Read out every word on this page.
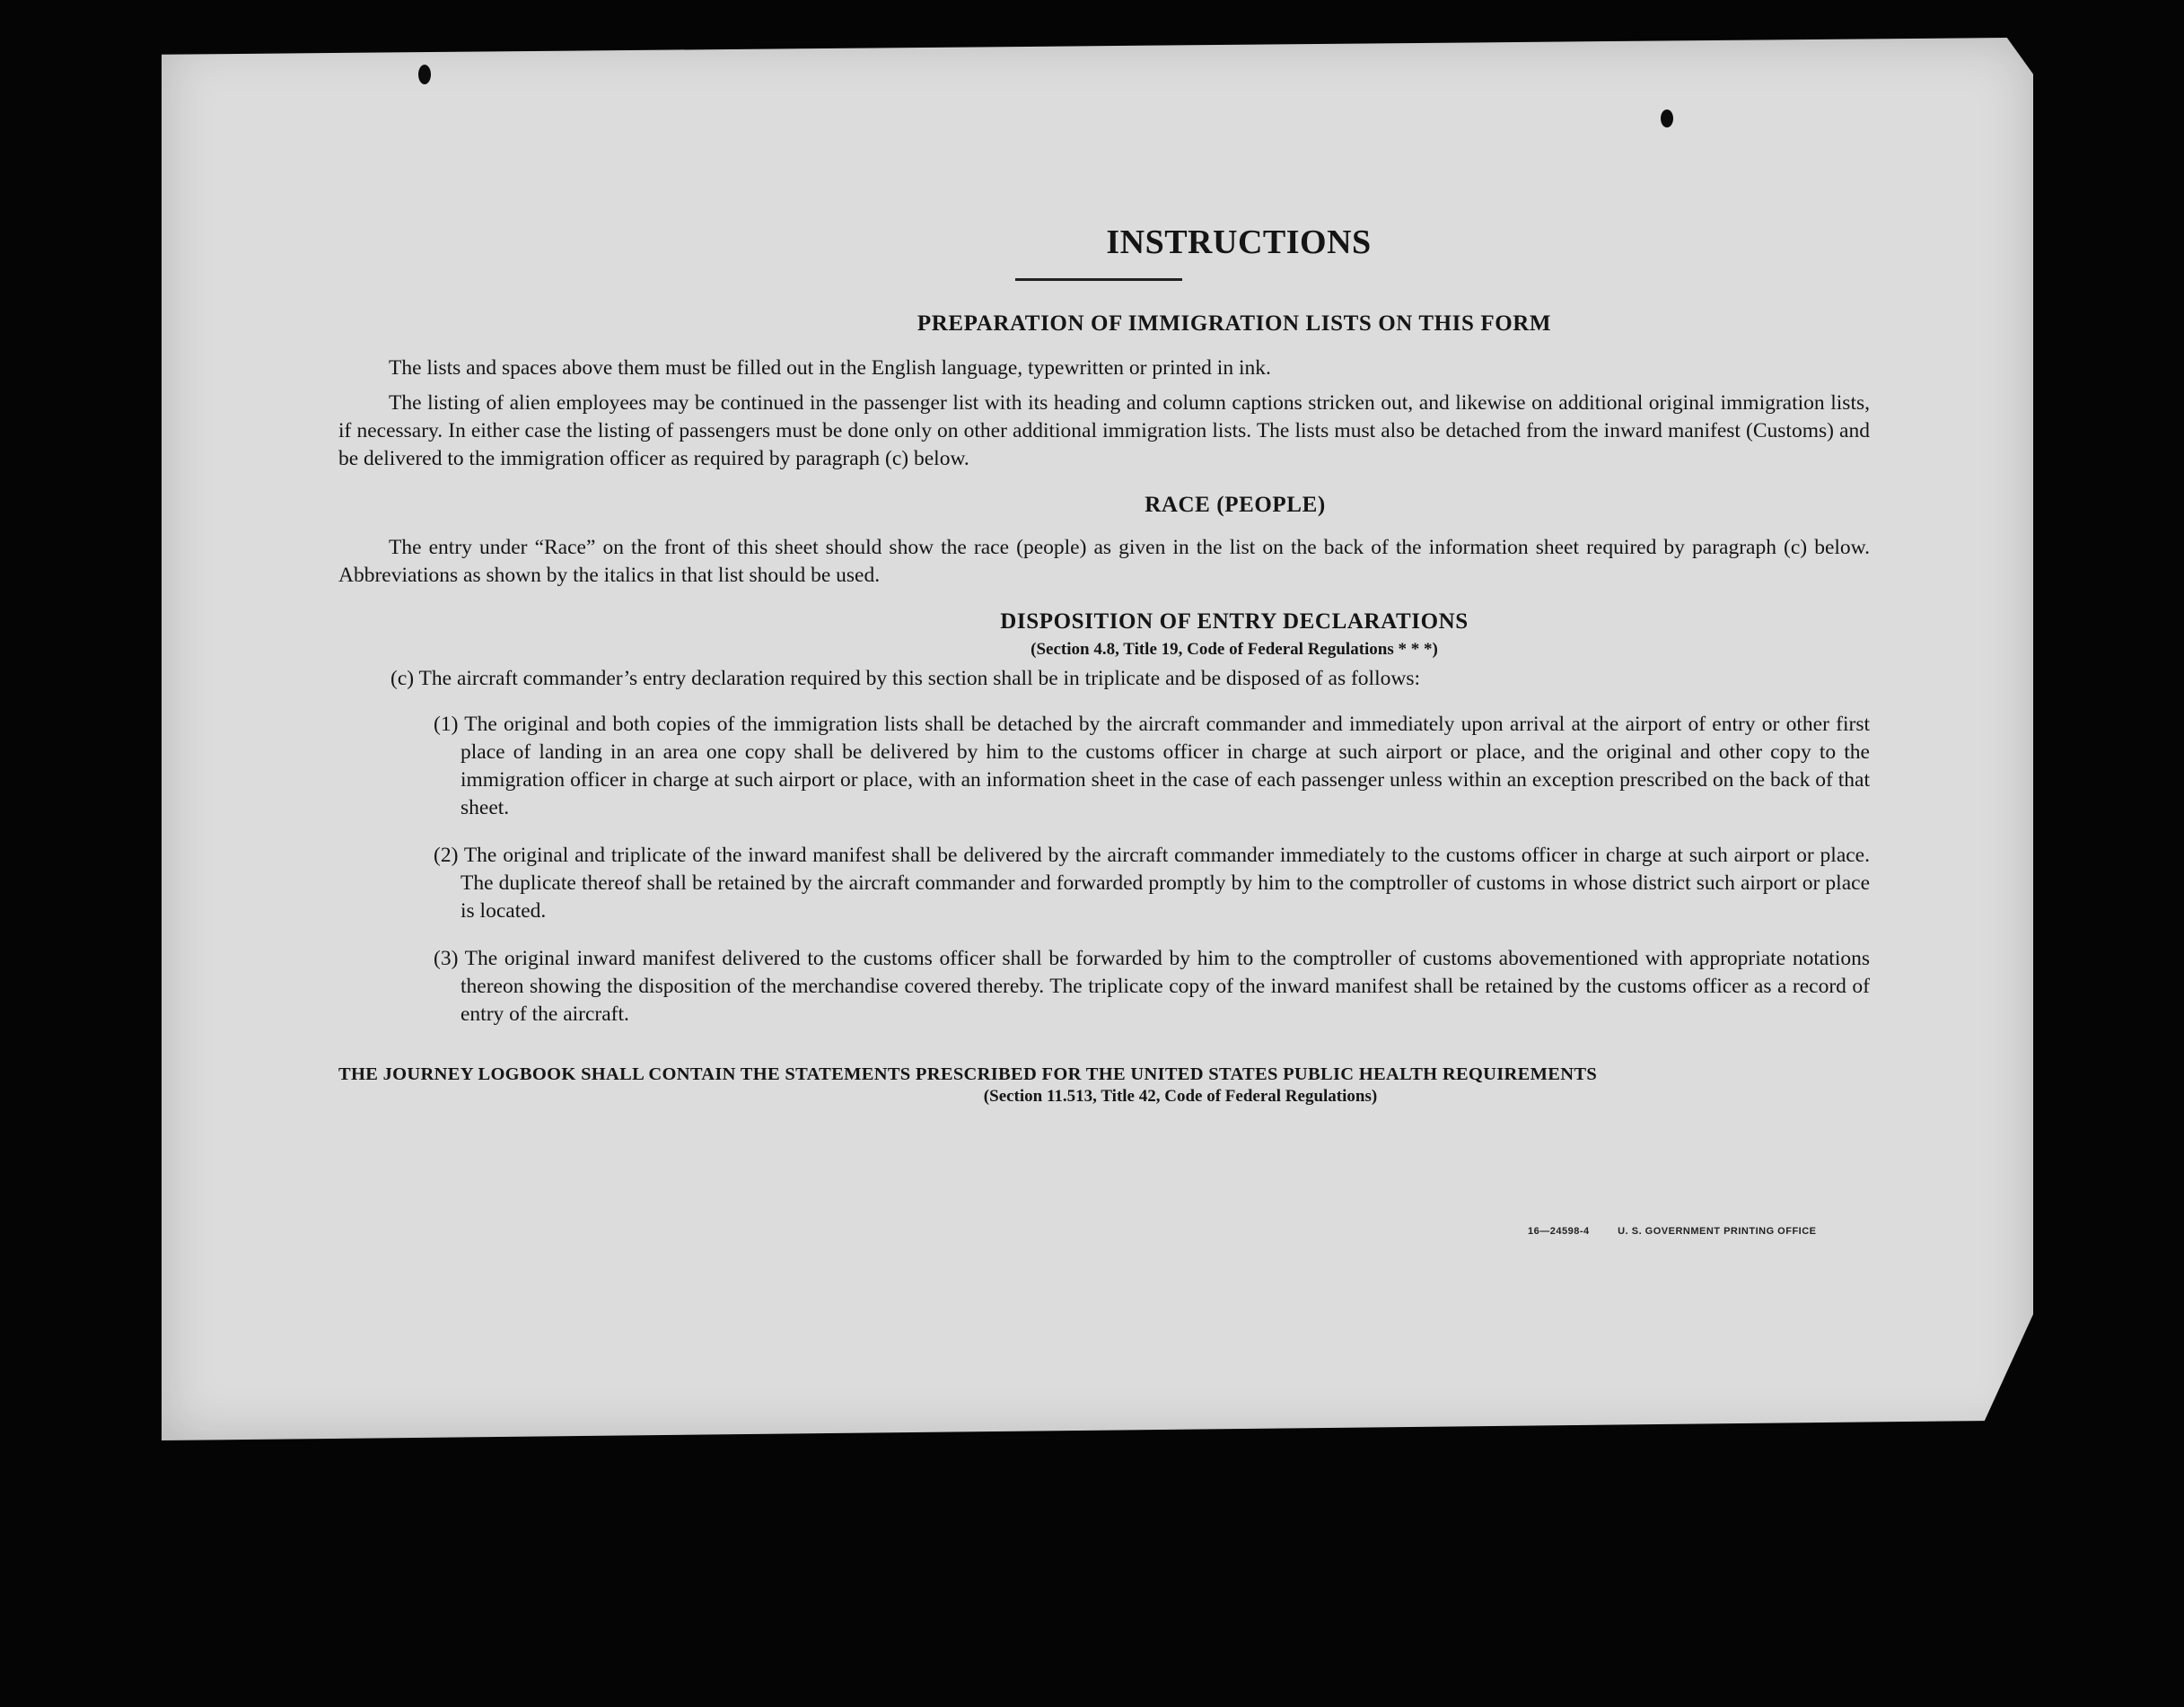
INSTRUCTIONS
PREPARATION OF IMMIGRATION LISTS ON THIS FORM

The lists and spaces above them must be filled out in the English language, typewritten or printed in ink.

The listing of alien employees may be continued in the passenger list with its heading and column captions stricken out, and likewise on additional original immigration lists, if necessary. In either case the listing of passengers must be done only on other additional immigration lists. The lists must also be detached from the inward manifest (Customs) and be delivered to the immigration officer as required by paragraph (c) below.

RACE (PEOPLE)

The entry under “Race” on the front of this sheet should show the race (people) as given in the list on the back of the information sheet required by paragraph (c) below. Abbreviations as shown by the italics in that list should be used.

DISPOSITION OF ENTRY DECLARATIONS
(Section 4.8, Title 19, Code of Federal Regulations * * *)
(c) The aircraft commander’s entry declaration required by this section shall be in triplicate and be disposed of as follows:

(1) The original and both copies of the immigration lists shall be detached by the aircraft commander and immediately upon arrival at the airport of entry or other first place of landing in an area one copy shall be delivered by him to the customs officer in charge at such airport or place, and the original and other copy to the immigration officer in charge at such airport or place, with an information sheet in the case of each passenger unless within an exception prescribed on the back of that sheet.

(2) The original and triplicate of the inward manifest shall be delivered by the aircraft commander immediately to the customs officer in charge at such airport or place. The duplicate thereof shall be retained by the aircraft commander and forwarded promptly by him to the comptroller of customs in whose district such airport or place is located.

(3) The original inward manifest delivered to the customs officer shall be forwarded by him to the comptroller of customs abovementioned with appropriate notations thereon showing the disposition of the merchandise covered thereby. The triplicate copy of the inward manifest shall be retained by the customs officer as a record of entry of the aircraft.

THE JOURNEY LOGBOOK SHALL CONTAIN THE STATEMENTS PRESCRIBED FOR THE UNITED STATES PUBLIC HEALTH REQUIREMENTS
(Section 11.513, Title 42, Code of Federal Regulations)
16—24598-4	U. S. GOVERNMENT PRINTING OFFICE
